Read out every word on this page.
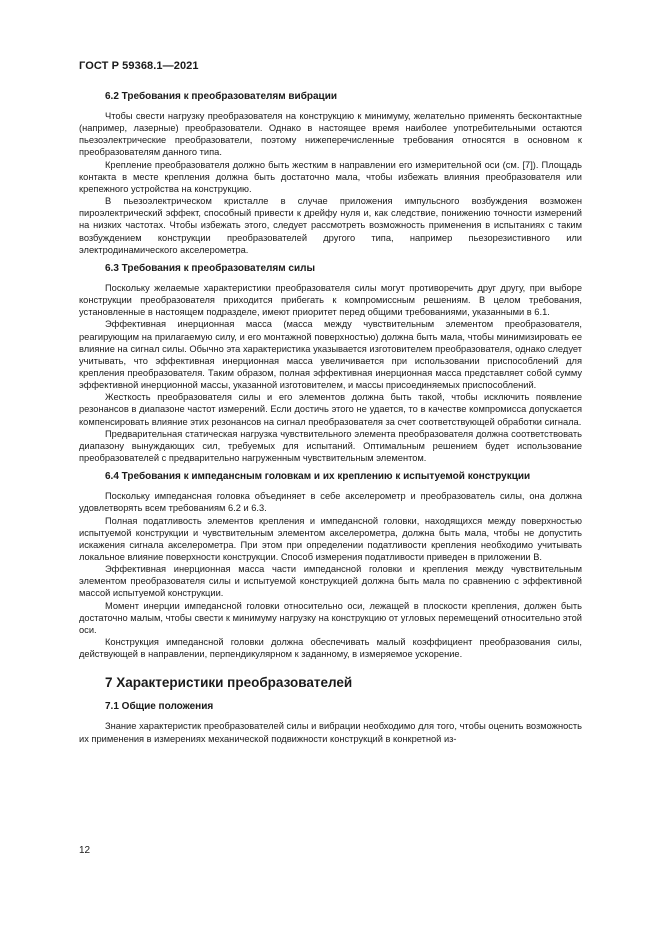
ГОСТ Р 59368.1—2021
6.2 Требования к преобразователям вибрации

Чтобы свести нагрузку преобразователя на конструкцию к минимуму, желательно применять бесконтактные (например, лазерные) преобразователи. Однако в настоящее время наиболее употребительными остаются пьезоэлектрические преобразователи, поэтому нижеперечисленные требования относятся в основном к преобразователям данного типа.

Крепление преобразователя должно быть жестким в направлении его измерительной оси (см. [7]). Площадь контакта в месте крепления должна быть достаточно мала, чтобы избежать влияния преобразователя или крепежного устройства на конструкцию.

В пьезоэлектрическом кристалле в случае приложения импульсного возбуждения возможен пироэлектрический эффект, способный привести к дрейфу нуля и, как следствие, понижению точности измерений на низких частотах. Чтобы избежать этого, следует рассмотреть возможность применения в испытаниях с таким возбуждением конструкции преобразователей другого типа, например пьезорезистивного или электродинамического акселерометра.

6.3 Требования к преобразователям силы

Поскольку желаемые характеристики преобразователя силы могут противоречить друг другу, при выборе конструкции преобразователя приходится прибегать к компромиссным решениям. В целом требования, установленные в настоящем подразделе, имеют приоритет перед общими требованиями, указанными в 6.1.

Эффективная инерционная масса (масса между чувствительным элементом преобразователя, реагирующим на прилагаемую силу, и его монтажной поверхностью) должна быть мала, чтобы минимизировать ее влияние на сигнал силы. Обычно эта характеристика указывается изготовителем преобразователя, однако следует учитывать, что эффективная инерционная масса увеличивается при использовании приспособлений для крепления преобразователя. Таким образом, полная эффективная инерционная масса представляет собой сумму эффективной инерционной массы, указанной изготовителем, и массы присоединяемых приспособлений.

Жесткость преобразователя силы и его элементов должна быть такой, чтобы исключить появление резонансов в диапазоне частот измерений. Если достичь этого не удается, то в качестве компромисса допускается компенсировать влияние этих резонансов на сигнал преобразователя за счет соответствующей обработки сигнала.

Предварительная статическая нагрузка чувствительного элемента преобразователя должна соответствовать диапазону вынуждающих сил, требуемых для испытаний. Оптимальным решением будет использование преобразователей с предварительно нагруженным чувствительным элементом.

6.4 Требования к импедансным головкам и их креплению к испытуемой конструкции

Поскольку импедансная головка объединяет в себе акселерометр и преобразователь силы, она должна удовлетворять всем требованиям 6.2 и 6.3.

Полная податливость элементов крепления и импедансной головки, находящихся между поверхностью испытуемой конструкции и чувствительным элементом акселерометра, должна быть мала, чтобы не допустить искажения сигнала акселерометра. При этом при определении податливости крепления необходимо учитывать локальное влияние поверхности конструкции. Способ измерения податливости приведен в приложении В.

Эффективная инерционная масса части импедансной головки и крепления между чувствительным элементом преобразователя силы и испытуемой конструкцией должна быть мала по сравнению с эффективной массой испытуемой конструкции.

Момент инерции импедансной головки относительно оси, лежащей в плоскости крепления, должен быть достаточно малым, чтобы свести к минимуму нагрузку на конструкцию от угловых перемещений относительно этой оси.

Конструкция импедансной головки должна обеспечивать малый коэффициент преобразования силы, действующей в направлении, перпендикулярном к заданному, в измеряемое ускорение.

7 Характеристики преобразователей
7.1 Общие положения

Знание характеристик преобразователей силы и вибрации необходимо для того, чтобы оценить возможность их применения в измерениях механической подвижности конструкций в конкретной из-

12
